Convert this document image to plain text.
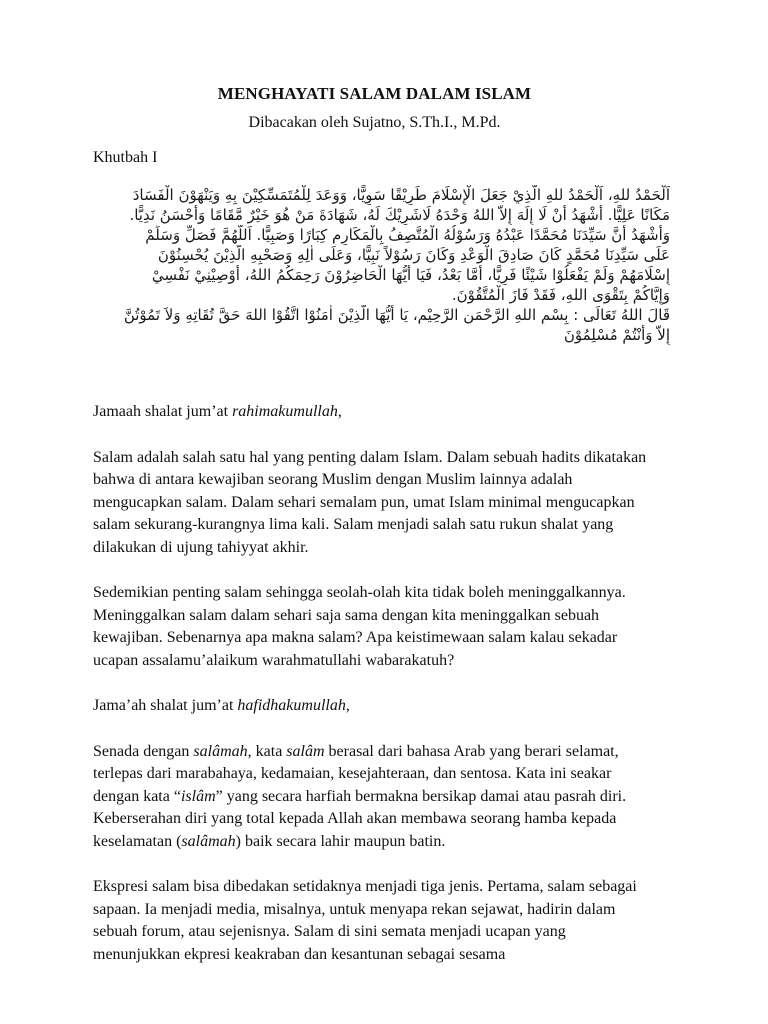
MENGHAYATI SALAM DALAM ISLAM
Dibacakan oleh Sujatno, S.Th.I., M.Pd.
Khutbah I
اَلْحَمْدُ للهِ، اَلْحَمْدُ للهِ الَّذِيْ جَعَلَ الْإِسْلَامَ طَرِيْقًا سَوِيًّا، وَوَعَدَ لِلْمُتَمَسِّكِيْنَ بِهِ وَيَنْهَوْنَ الْفَسَادَ
مَكَانًا عَلِيًّا. أَشْهَدُ أَنْ لَا إِلَهَ إِلاَّ اللهُ وَحْدَهُ لَاشَرِيْكَ لَهُ، شَهَادَةَ مَنْ هُوَ خَيْرٌ مَّقَامًا وَأَحْسَنُ نَدِيًّا.
وَأَشْهَدُ أَنَّ سَيِّدَنَا مُحَمَّدًا عَبْدُهُ وَرَسُوْلُهُ الْمُتَّصِفُ بِالْمَكَارِمِ كِبَارًا وَصَبِيًّا. اَللَّهُمَّ فَصَلِّ وَسَلِّمْ
عَلَى سَيِّدِنَا مُحَمَّدٍ كَانَ صَادِقَ الْوَعْدِ وَكَانَ رَسُوْلاً نَبِيًّا، وَعَلَى اٰلِهِ وَصَحْبِهِ الَّذِيْنَ يُحْسِنُوْنَ
إِسْلَامَهُمْ وَلَمْ يَفْعَلُوْا شَيْئًا فَرِيًّا، أَمَّا بَعْدُ، فَيَا أَيُّهَا الْحَاضِرُوْنَ رَحِمَكُمُ اللهُ، أُوْصِيْنِيْ نَفْسِيْ
وَإِيَّاكُمْ بِتَقْوَى اللهِ، فَقَدْ فَازَ الْمُتَّقُوْنَ.
قَالَ اللهُ تَعَالَى : بِسْمِ اللهِ الرَّحْمَنِ الرَّحِيْمِ، يَا أَيُّهَا الَّذِيْنَ اٰمَنُوْا اتَّقُوْا اللهَ حَقَّ تُقَاتِهِ وَلاَ تَمُوْتُنَّ
إِلاَّ وَأَنْتُمْ مُسْلِمُوْنَ
Jamaah shalat jum’at rahimakumullah,
Salam adalah salah satu hal yang penting dalam Islam. Dalam sebuah hadits dikatakan bahwa di antara kewajiban seorang Muslim dengan Muslim lainnya adalah mengucapkan salam. Dalam sehari semalam pun, umat Islam minimal mengucapkan salam sekurang-kurangnya lima kali. Salam menjadi salah satu rukun shalat yang dilakukan di ujung tahiyyat akhir.
Sedemikian penting salam sehingga seolah-olah kita tidak boleh meninggalkannya. Meninggalkan salam dalam sehari saja sama dengan kita meninggalkan sebuah kewajiban. Sebenarnya apa makna salam? Apa keistimewaan salam kalau sekadar ucapan assalamu’alaikum warahmatullahi wabarakatuh?
Jama’ah shalat jum’at hafidhakumullah,
Senada dengan salâmah, kata salâm berasal dari bahasa Arab yang berari selamat, terlepas dari marabahaya, kedamaian, kesejahteraan, dan sentosa. Kata ini seakar dengan kata “islâm” yang secara harfiah bermakna bersikap damai atau pasrah diri. Keberserahan diri yang total kepada Allah akan membawa seorang hamba kepada keselamatan (salâmah) baik secara lahir maupun batin.
Ekspresi salam bisa dibedakan setidaknya menjadi tiga jenis. Pertama, salam sebagai sapaan. Ia menjadi media, misalnya, untuk menyapa rekan sejawat, hadirin dalam sebuah forum, atau sejenisnya. Salam di sini semata menjadi ucapan yang menunjukkan ekpresi keakraban dan kesantunan sebagai sesama
